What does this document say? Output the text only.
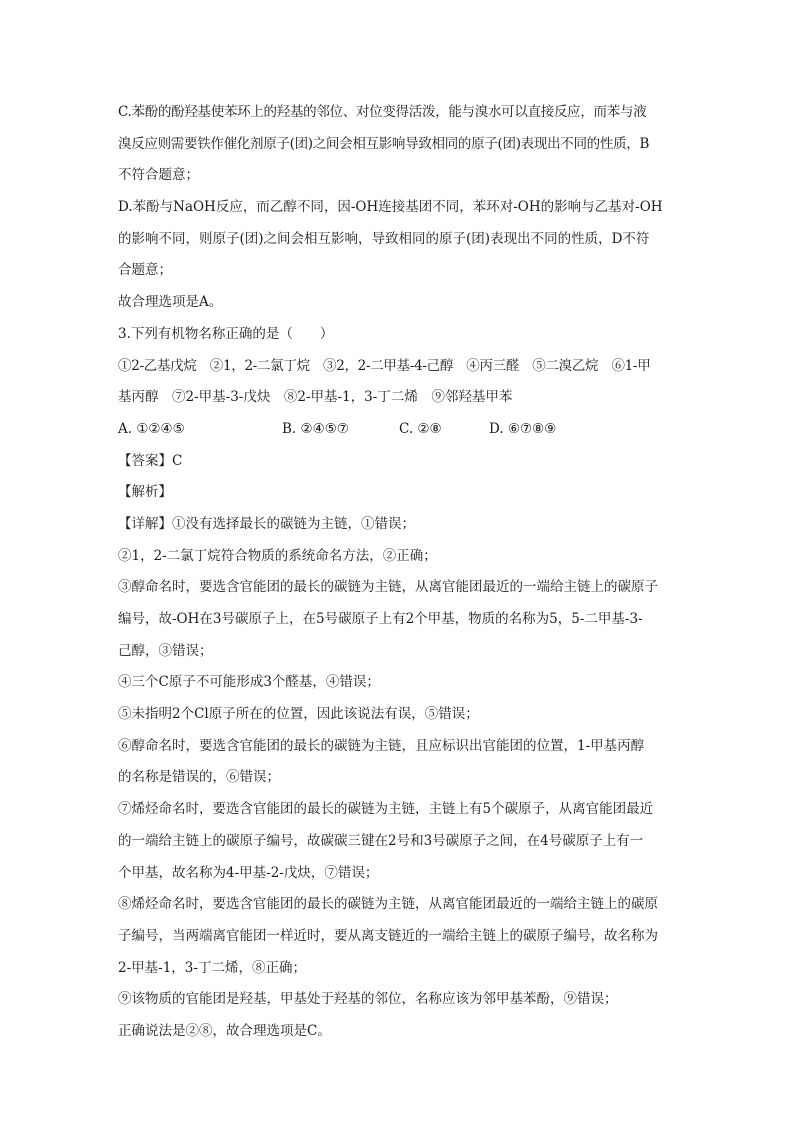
C.苯酚的酚羟基使苯环上的羟基的邻位、对位变得活泼，能与溴水可以直接反应，而苯与液
溴反应则需要铁作催化剂原子(团)之间会相互影响导致相同的原子(团)表现出不同的性质，B
不符合题意；
D.苯酚与NaOH反应，而乙醇不同，因-OH连接基团不同，苯环对-OH的影响与乙基对-OH
的影响不同，则原子(团)之间会相互影响，导致相同的原子(团)表现出不同的性质，D不符
合题意；
故合理选项是A。
3.下列有机物名称正确的是（　　）
①2-乙基戊烷　②1，2-二氯丁烷　③2，2-二甲基-4-己醇　④丙三醛　⑤二溴乙烷　⑥1-甲
基丙醇　⑦2-甲基-3-戊炔　⑧2-甲基-1，3-丁二烯　⑨邻羟基甲苯
A. ①②④⑤	B. ②④⑤⑦	C. ②⑧	D. ⑥⑦⑧⑨
【答案】C
【解析】
【详解】①没有选择最长的碳链为主链，①错误；
②1，2-二氯丁烷符合物质的系统命名方法，②正确；
③醇命名时，要选含官能团的最长的碳链为主链，从离官能团最近的一端给主链上的碳原子
编号，故-OH在3号碳原子上，在5号碳原子上有2个甲基，物质的名称为5，5-二甲基-3-
己醇，③错误；
④三个C原子不可能形成3个醛基，④错误；
⑤未指明2个Cl原子所在的位置，因此该说法有误，⑤错误；
⑥醇命名时，要选含官能团的最长的碳链为主链，且应标识出官能团的位置，1-甲基丙醇
的名称是错误的，⑥错误；
⑦烯烃命名时，要选含官能团的最长的碳链为主链，主链上有5个碳原子，从离官能团最近
的一端给主链上的碳原子编号，故碳碳三键在2号和3号碳原子之间，在4号碳原子上有一
个甲基，故名称为4-甲基-2-戊炔，⑦错误；
⑧烯烃命名时，要选含官能团的最长的碳链为主链，从离官能团最近的一端给主链上的碳原
子编号，当两端离官能团一样近时，要从离支链近的一端给主链上的碳原子编号，故名称为
2-甲基-1，3-丁二烯，⑧正确；
⑨该物质的官能团是羟基，甲基处于羟基的邻位，名称应该为邻甲基苯酚，⑨错误；
正确说法是②⑧，故合理选项是C。
